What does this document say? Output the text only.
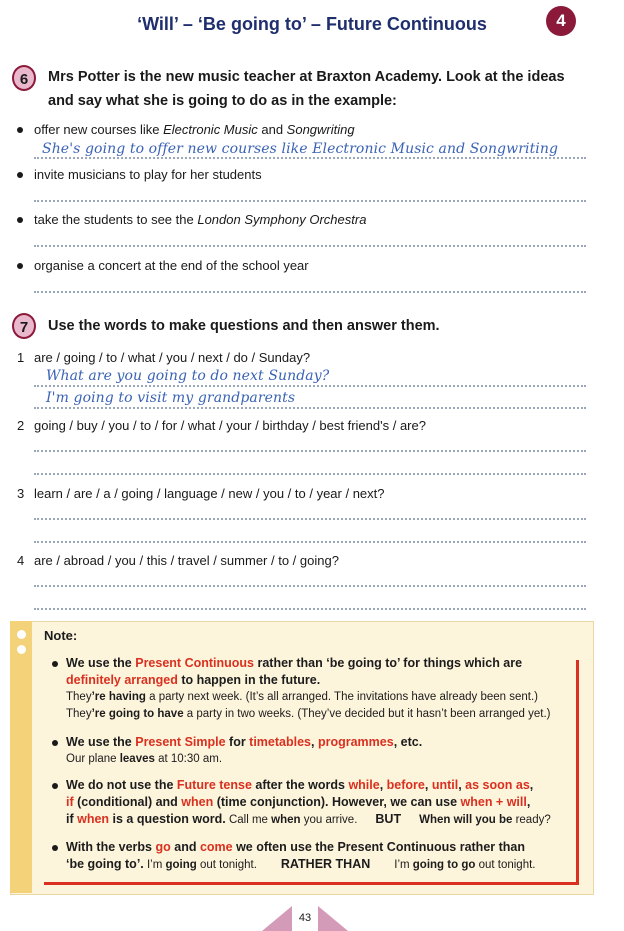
‘Will’ – ‘Be going to’ – Future Continuous	4
6	Mrs Potter is the new music teacher at Braxton Academy. Look at the ideas
and say what she is going to do as in the example:
offer new courses like Electronic Music and Songwriting
She's going to offer new courses like Electronic Music and Songwriting
invite musicians to play for her students
take the students to see the London Symphony Orchestra
organise a concert at the end of the school year
7	Use the words to make questions and then answer them.
1 are / going / to / what / you / next / do / Sunday?
What are you going to do next Sunday?
I'm going to visit my grandparents
2 going / buy / you / to / for / what / your / birthday / best friend's / are?
3 learn / are / a / going / language / new / you / to / year / next?
4 are / abroad / you / this / travel / summer / to / going?
Note:
We use the Present Continuous rather than ‘be going to’ for things which are
definitely arranged to happen in the future.
They’re having a party next week. (It’s all arranged. The invitations have already been sent.)
They’re going to have a party in two weeks. (They’ve decided but it hasn’t been arranged yet.)
We use the Present Simple for timetables, programmes, etc.
Our plane leaves at 10:30 am.
We do not use the Future tense after the words while, before, until, as soon as,
if (conditional) and when (time conjunction). However, we can use when + will,
if when is a question word. Call me when you arrive. BUT When will you be ready?
With the verbs go and come we often use the Present Continuous rather than
‘be going to’. I’m going out tonight. RATHER THAN I’m going to go out tonight.
43
